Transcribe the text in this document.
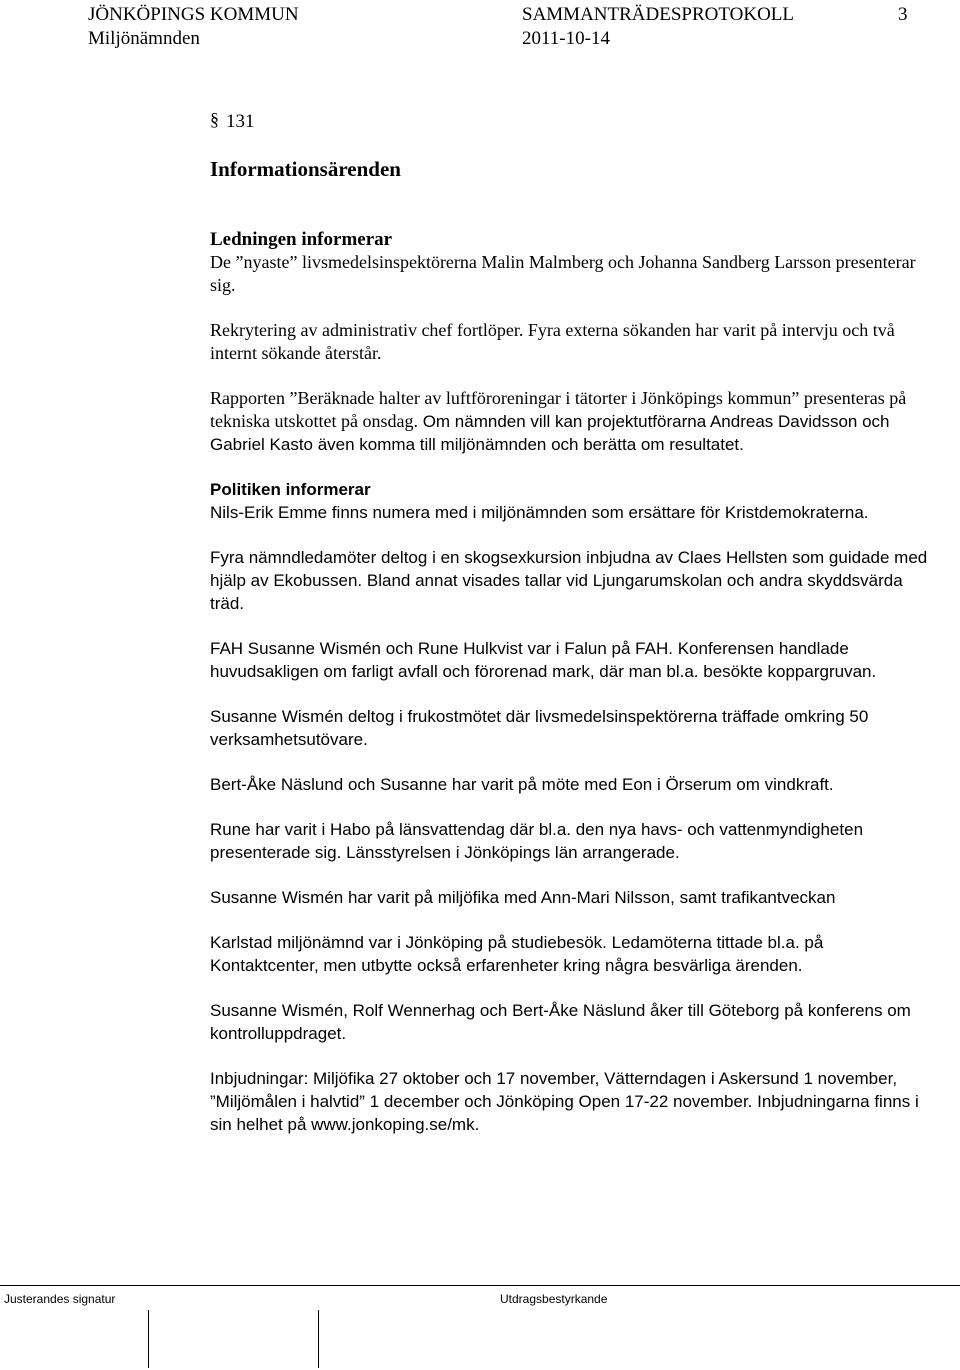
JÖNKÖPINGS KOMMUN	SAMMANTRÄDESPROTOKOLL	3
Miljönämnden	2011-10-14
§ 131
Informationsärenden
Ledningen informerar

De ”nyaste” livsmedelsinspektörerna Malin Malmberg och Johanna Sandberg Larsson presenterar sig.

Rekrytering av administrativ chef fortlöper. Fyra externa sökanden har varit på intervju och två internt sökande återstår.

Rapporten ”Beräknade halter av luftföroreningar i tätorter i Jönköpings kommun” presenteras på tekniska utskottet på onsdag. Om nämnden vill kan projektutförarna Andreas Davidsson och Gabriel Kasto även komma till miljönämnden och berätta om resultatet.

Politiken informerar

Nils-Erik Emme finns numera med i miljönämnden som ersättare för Kristdemokraterna.

Fyra nämndledamöter deltog i en skogsexkursion inbjudna av Claes Hellsten som guidade med hjälp av Ekobussen. Bland annat visades tallar vid Ljungarumskolan och andra skyddsvärda träd.

FAH Susanne Wismén och Rune Hulkvist var i Falun på FAH. Konferensen handlade huvudsakligen om farligt avfall och förorenad mark, där man bl.a. besökte koppargruvan.

Susanne Wismén deltog i frukostmötet där livsmedelsinspektörerna träffade omkring 50 verksamhetsutövare.

Bert-Åke Näslund och Susanne har varit på möte med Eon i Örserum om vindkraft.

Rune har varit i Habo på länsvattendag där bl.a. den nya havs- och vattenmyndigheten presenterade sig. Länsstyrelsen i Jönköpings län arrangerade.

Susanne Wismén har varit på miljöfika med Ann-Mari Nilsson, samt trafikantveckan

Karlstad miljönämnd var i Jönköping på studiebesök. Ledamöterna tittade bl.a. på Kontaktcenter, men utbytte också erfarenheter kring några besvärliga ärenden.

Susanne Wismén, Rolf Wennerhag och Bert-Åke Näslund åker till Göteborg på konferens om kontrolluppdraget.

Inbjudningar: Miljöfika 27 oktober och 17 november, Vätterndagen i Askersund 1 november, ”Miljömålen i halvtid” 1 december och Jönköping Open 17-22 november. Inbjudningarna finns i sin helhet på www.jonkoping.se/mk.

Justerandes signatur	Utdragsbestyrkande
